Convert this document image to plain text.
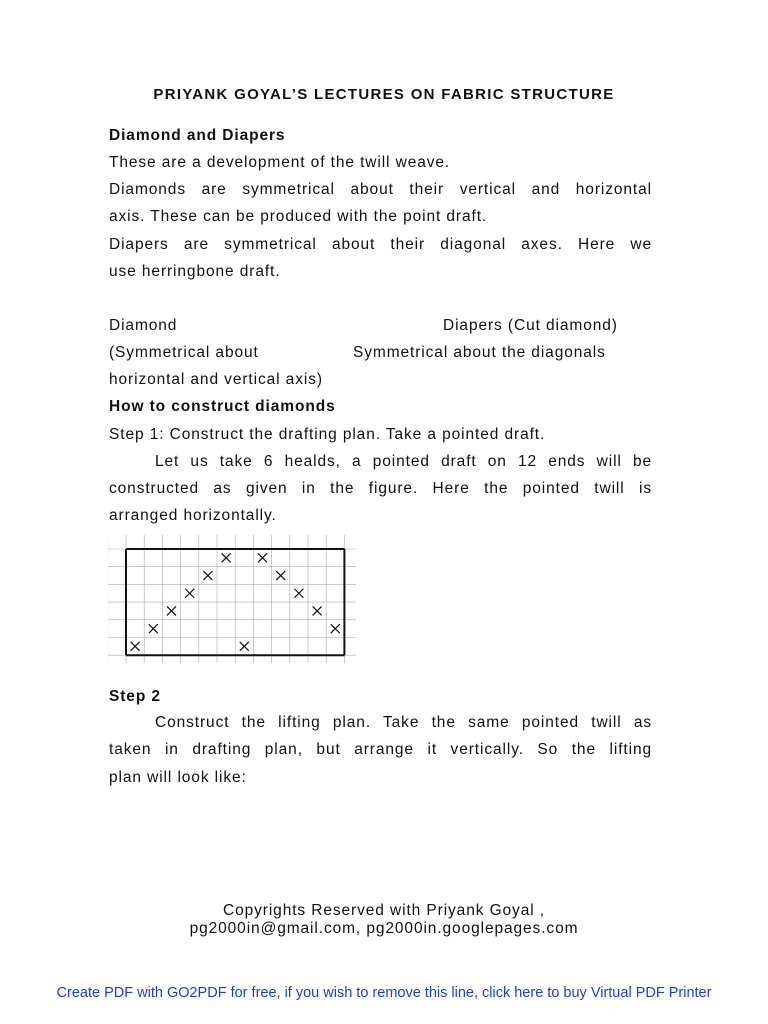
PRIYANK GOYAL’S LECTURES ON FABRIC STRUCTURE
Diamond and Diapers
These are a development of the twill weave.
Diamonds are symmetrical about their vertical and horizontal
axis. These can be produced with the point draft.
Diapers are symmetrical about their diagonal axes. Here we
use herringbone draft.
Diamond	Diapers (Cut diamond)
(Symmetrical about	Symmetrical about the diagonals
horizontal and vertical axis)
How to construct diamonds
Step 1: Construct the drafting plan. Take a pointed draft.
Let us take 6 healds, a pointed draft on 12 ends will be
constructed as given in the figure. Here the pointed twill is
arranged horizontally.
Step 2
Construct the lifting plan. Take the same pointed twill as
taken in drafting plan, but arrange it vertically. So the lifting
plan will look like:
Copyrights Reserved with Priyank Goyal ,
pg2000in@gmail.com, pg2000in.googlepages.com
Create PDF with GO2PDF for free, if you wish to remove this line, click here to buy Virtual PDF Printer
